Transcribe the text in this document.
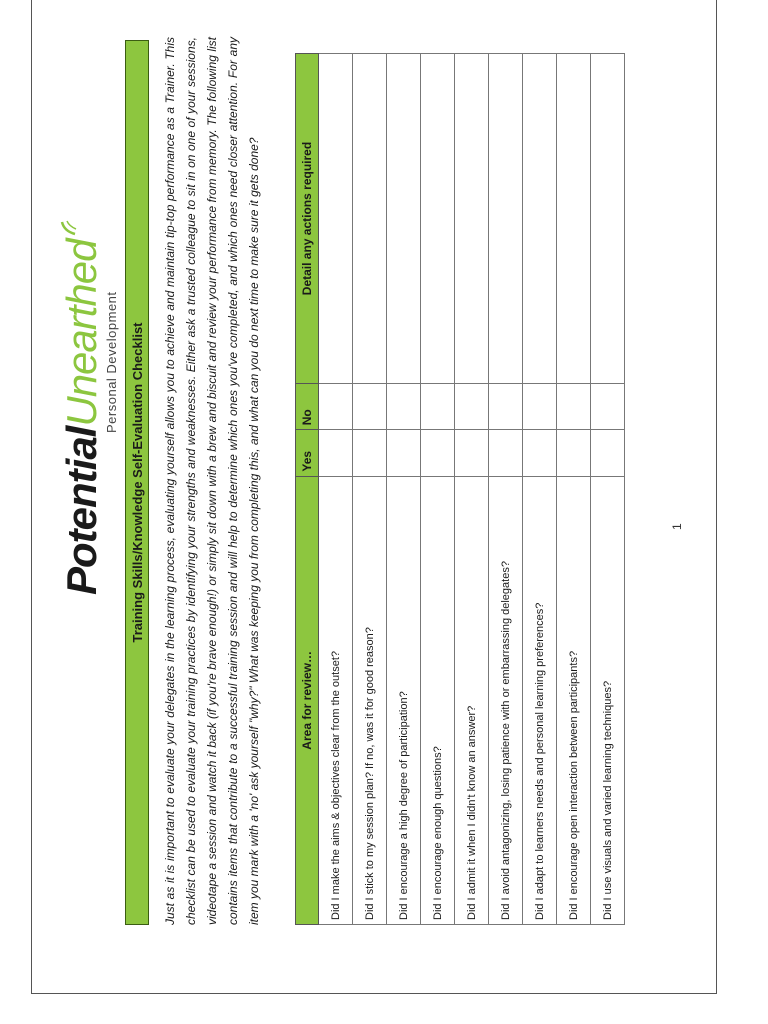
PotentialUnearthed Personal Development Training Skills/Knowledge Self-Evaluation Checklist	Just as it is important to evaluate your delegates in the learning process, evaluating yourself allows you to achieve and maintain tip-top performance as a Trainer. This checklist can be used to evaluate your training practices by identifying your strengths and weaknesses. Either ask a trusted colleague to sit in on one of your sessions, videotape a session and watch it back (if you're brave enough!) or simply sit down with a brew and biscuit and review your performance from memory. The following list contains items that contribute to a successful training session and will help to determine which ones you've completed, and which ones need closer attention. For any item you mark with a 'no' ask yourself "why?" What was keeping you from completing this, and what can you do next time to make sure it gets done?	Area for review…	Yes	No	Detail any actions required
Did I make the aims & objectives clear from the outset?			
Did I stick to my session plan? If no, was it for good reason?			
Did I encourage a high degree of participation?			
Did I encourage enough questions?			
Did I admit it when I didn't know an answer?			
Did I avoid antagonizing, losing patience with or embarrassing delegates?			
Did I adapt to learners needs and personal learning preferences?			
Did I encourage open interaction between participants?			
Did I use visuals and varied learning techniques?			
1
